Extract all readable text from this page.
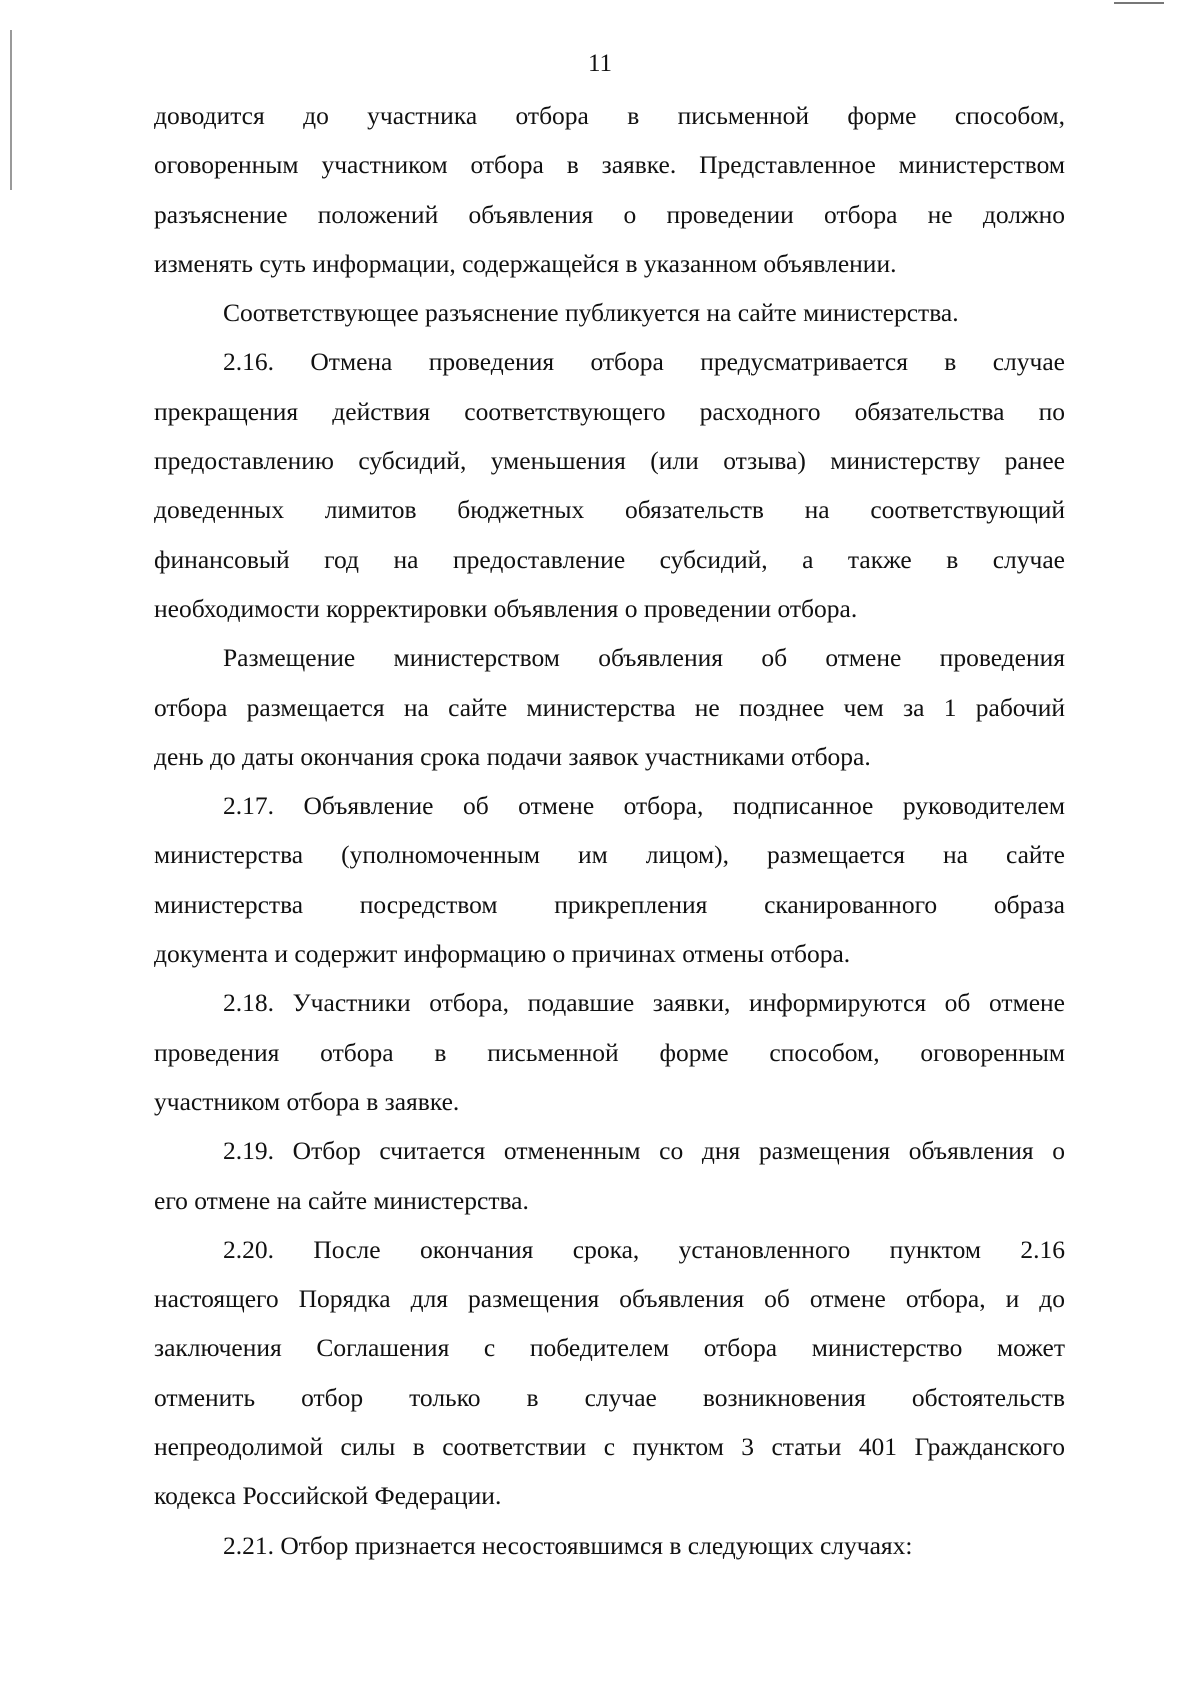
11
доводится до участника отбора в письменной форме способом,
оговоренным участником отбора в заявке. Представленное министерством
разъяснение положений объявления о проведении отбора не должно
изменять суть информации, содержащейся в указанном объявлении.
Соответствующее разъяснение публикуется на сайте министерства.
2.16. Отмена проведения отбора предусматривается в случае
прекращения действия соответствующего расходного обязательства по
предоставлению субсидий, уменьшения (или отзыва) министерству ранее
доведенных лимитов бюджетных обязательств на соответствующий
финансовый год на предоставление субсидий, а также в случае
необходимости корректировки объявления о проведении отбора.
Размещение министерством объявления об отмене проведения
отбора размещается на сайте министерства не позднее чем за 1 рабочий
день до даты окончания срока подачи заявок участниками отбора.
2.17. Объявление об отмене отбора, подписанное руководителем
министерства (уполномоченным им лицом), размещается на сайте
министерства посредством прикрепления сканированного образа
документа и содержит информацию о причинах отмены отбора.
2.18. Участники отбора, подавшие заявки, информируются об отмене
проведения отбора в письменной форме способом, оговоренным
участником отбора в заявке.
2.19. Отбор считается отмененным со дня размещения объявления о
его отмене на сайте министерства.
2.20. После окончания срока, установленного пунктом 2.16
настоящего Порядка для размещения объявления об отмене отбора, и до
заключения Соглашения с победителем отбора министерство может
отменить отбор только в случае возникновения обстоятельств
непреодолимой силы в соответствии с пунктом 3 статьи 401 Гражданского
кодекса Российской Федерации.
2.21. Отбор признается несостоявшимся в следующих случаях:
